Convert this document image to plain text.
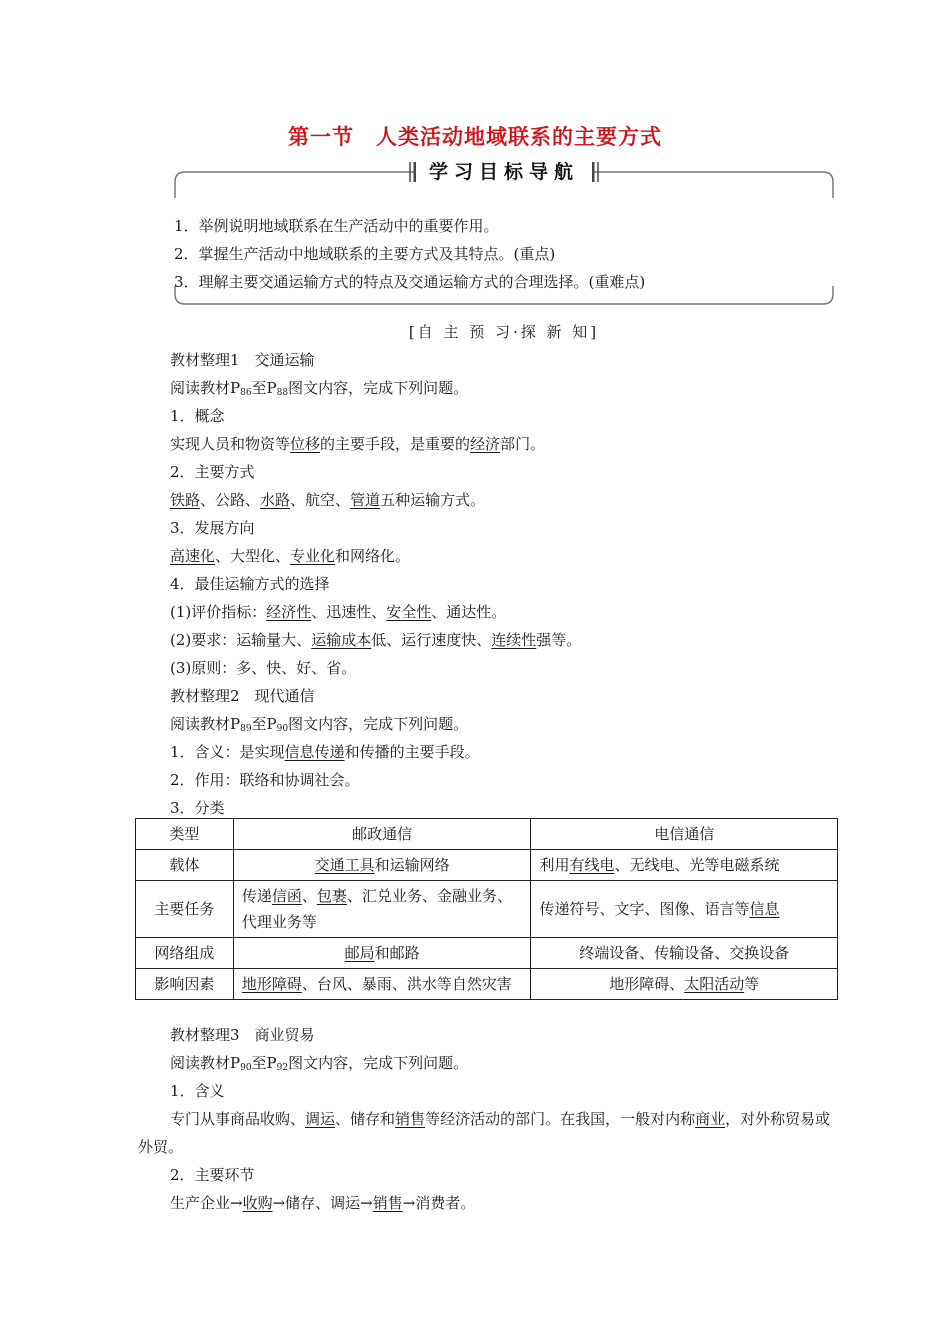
第一节　人类活动地域联系的主要方式
学习目标导航
1．举例说明地域联系在生产活动中的重要作用。
2．掌握生产活动中地域联系的主要方式及其特点。(重点)
3．理解主要交通运输方式的特点及交通运输方式的合理选择。(重难点)
[自 主 预 习·探 新 知]
教材整理1　交通运输
阅读教材$P_{86}$至$P_{88}$图文内容，完成下列问题。
1．概念
实现人员和物资等位移的主要手段，是重要的经济部门。
2．主要方式
铁路、公路、水路、航空、管道五种运输方式。
3．发展方向
高速化、大型化、专业化和网络化。
4．最佳运输方式的选择
(1)评价指标：经济性、迅速性、安全性、通达性。
(2)要求：运输量大、运输成本低、运行速度快、连续性强等。
(3)原则：多、快、好、省。
教材整理2　现代通信
阅读教材$P_{89}$至$P_{90}$图文内容，完成下列问题。
1．含义：是实现信息传递和传播的主要手段。
2．作用：联络和协调社会。
3．分类
类型	邮政通信	电信通信
载体	交通工具和运输网络	利用有线电、无线电、光等电磁系统
主要任务	传递信函、包裹、汇兑业务、金融业务、代理业务等	传递符号、文字、图像、语言等信息
网络组成	邮局和邮路	终端设备、传输设备、交换设备
影响因素	地形障碍、台风、暴雨、洪水等自然灾害	地形障碍、太阳活动等
教材整理3　商业贸易
阅读教材$P_{90}$至$P_{92}$图文内容，完成下列问题。
1．含义
专门从事商品收购、调运、储存和销售等经济活动的部门。在我国，一般对内称商业，对外称贸易或外贸。
2．主要环节
生产企业→收购→储存、调运→销售→消费者。
